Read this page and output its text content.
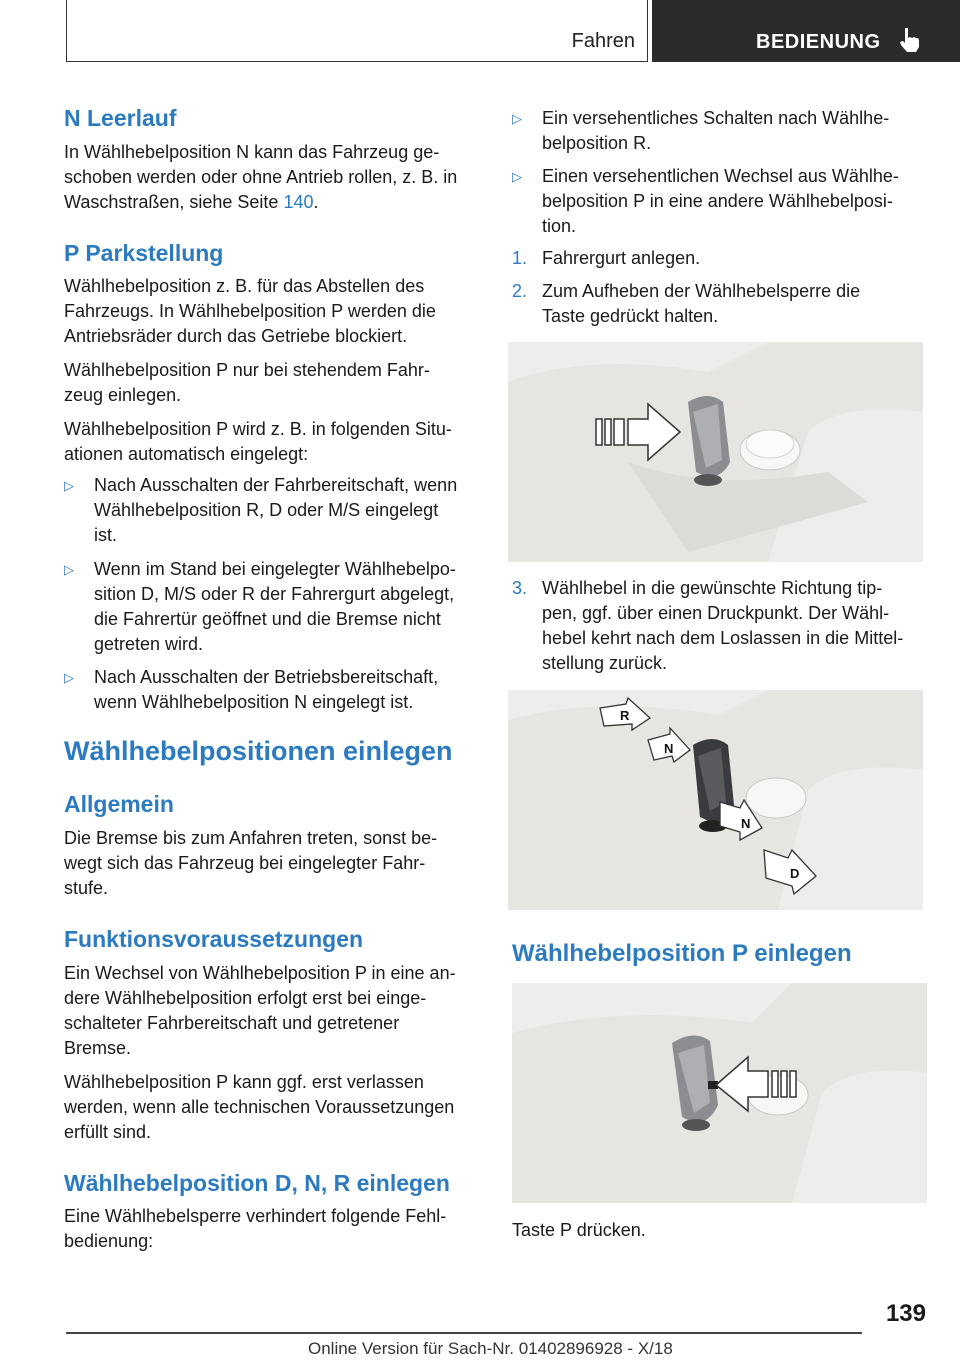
Fahren	BEDIENUNG
N Leerlauf
In Wählhebelposition N kann das Fahrzeug ge‐
schoben werden oder ohne Antrieb rollen, z. B. in
Waschstraßen, siehe Seite 140.
P Parkstellung
Wählhebelposition z. B. für das Abstellen des
Fahrzeugs. In Wählhebelposition P werden die
Antriebsräder durch das Getriebe blockiert.
Wählhebelposition P nur bei stehendem Fahr‐
zeug einlegen.
Wählhebelposition P wird z. B. in folgenden Situ‐
ationen automatisch eingelegt:
▷ Nach Ausschalten der Fahrbereitschaft, wenn
Wählhebelposition R, D oder M/S eingelegt
ist.
▷ Wenn im Stand bei eingelegter Wählhebelpo‐
sition D, M/S oder R der Fahrergurt abgelegt,
die Fahrertür geöffnet und die Bremse nicht
getreten wird.
▷ Nach Ausschalten der Betriebsbereitschaft,
wenn Wählhebelposition N eingelegt ist.
Wählhebelpositionen einlegen
Allgemein
Die Bremse bis zum Anfahren treten, sonst be‐
wegt sich das Fahrzeug bei eingelegter Fahr‐
stufe.
Funktionsvoraussetzungen
Ein Wechsel von Wählhebelposition P in eine an‐
dere Wählhebelposition erfolgt erst bei einge‐
schalteter Fahrbereitschaft und getretener
Bremse.
Wählhebelposition P kann ggf. erst verlassen
werden, wenn alle technischen Voraussetzungen
erfüllt sind.
Wählhebelposition D, N, R einlegen
Eine Wählhebelsperre verhindert folgende Fehl‐
bedienung:
▷ Ein versehentliches Schalten nach Wählhe‐
belposition R.
▷ Einen versehentlichen Wechsel aus Wählhe‐
belposition P in eine andere Wählhebelposi‐
tion.
1. Fahrergurt anlegen.
2. Zum Aufheben der Wählhebelsperre die
Taste gedrückt halten.
3. Wählhebel in die gewünschte Richtung tip‐
pen, ggf. über einen Druckpunkt. Der Wähl‐
hebel kehrt nach dem Loslassen in die Mittel‐
stellung zurück.
R
N
N
D
Wählhebelposition P einlegen
Taste P drücken.
139
Online Version für Sach-Nr. 01402896928 - X/18
